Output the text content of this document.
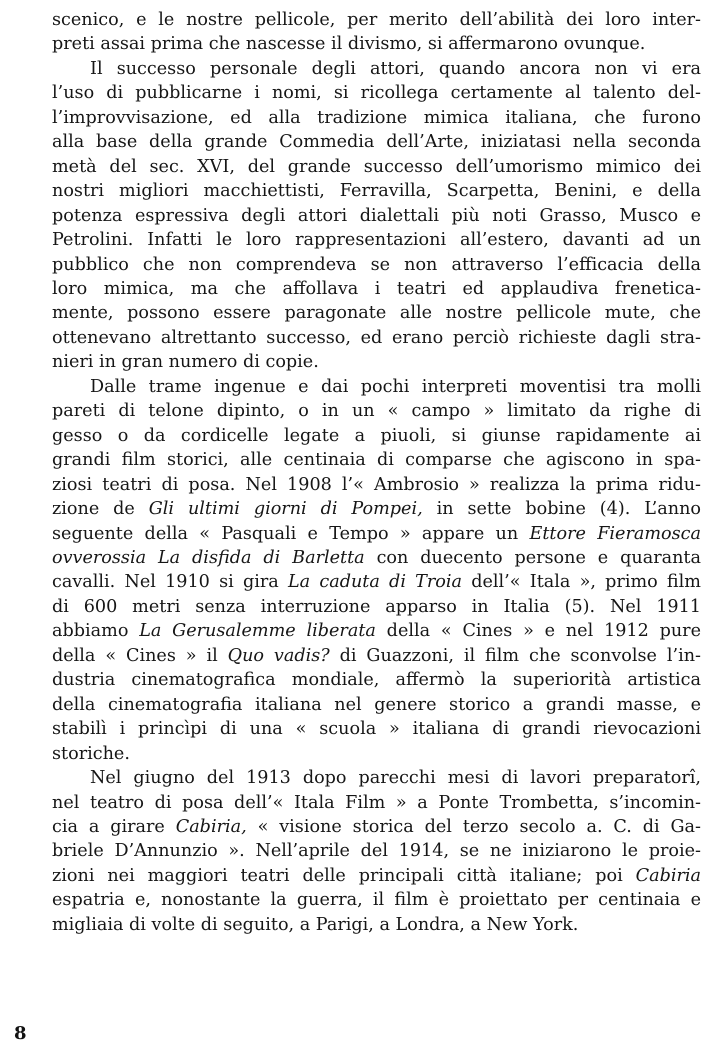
scenico, e le nostre pellicole, per merito dell’abilità dei loro inter-
preti assai prima che nascesse il divismo, si affermarono ovunque.
Il successo personale degli attori, quando ancora non vi era
l’uso di pubblicarne i nomi, si ricollega certamente al talento del-
l’improvvisazione, ed alla tradizione mimica italiana, che furono
alla base della grande Commedia dell’Arte, iniziatasi nella seconda
metà del sec. XVI, del grande successo dell’umorismo mimico dei
nostri migliori macchiettisti, Ferravilla, Scarpetta, Benini, e della
potenza espressiva degli attori dialettali più noti Grasso, Musco e
Petrolini. Infatti le loro rappresentazioni all’estero, davanti ad un
pubblico che non comprendeva se non attraverso l’efficacia della
loro mimica, ma che affollava i teatri ed applaudiva frenetica-
mente, possono essere paragonate alle nostre pellicole mute, che
ottenevano altrettanto successo, ed erano perciò richieste dagli stra-
nieri in gran numero di copie.
Dalle trame ingenue e dai pochi interpreti moventisi tra molli
pareti di telone dipinto, o in un « campo » limitato da righe di
gesso o da cordicelle legate a piuoli, si giunse rapidamente ai
grandi film storici, alle centinaia di comparse che agiscono in spa-
ziosi teatri di posa. Nel 1908 l’« Ambrosio » realizza la prima ridu-
zione de Gli ultimi giorni di Pompei, in sette bobine (4). L’anno
seguente della « Pasquali e Tempo » appare un Ettore Fieramosca
ovverossia La disfida di Barletta con duecento persone e quaranta
cavalli. Nel 1910 si gira La caduta di Troia dell’« Itala », primo film
di 600 metri senza interruzione apparso in Italia (5). Nel 1911
abbiamo La Gerusalemme liberata della « Cines » e nel 1912 pure
della « Cines » il Quo vadis? di Guazzoni, il film che sconvolse l’in-
dustria cinematografica mondiale, affermò la superiorità artistica
della cinematografia italiana nel genere storico a grandi masse, e
stabilì i princìpi di una « scuola » italiana di grandi rievocazioni
storiche.
Nel giugno del 1913 dopo parecchi mesi di lavori preparatorî,
nel teatro di posa dell’« Itala Film » a Ponte Trombetta, s’incomin-
cia a girare Cabiria, « visione storica del terzo secolo a. C. di Ga-
briele D’Annunzio ». Nell’aprile del 1914, se ne iniziarono le proie-
zioni nei maggiori teatri delle principali città italiane; poi Cabiria
espatria e, nonostante la guerra, il film è proiettato per centinaia e
migliaia di volte di seguito, a Parigi, a Londra, a New York.
8
